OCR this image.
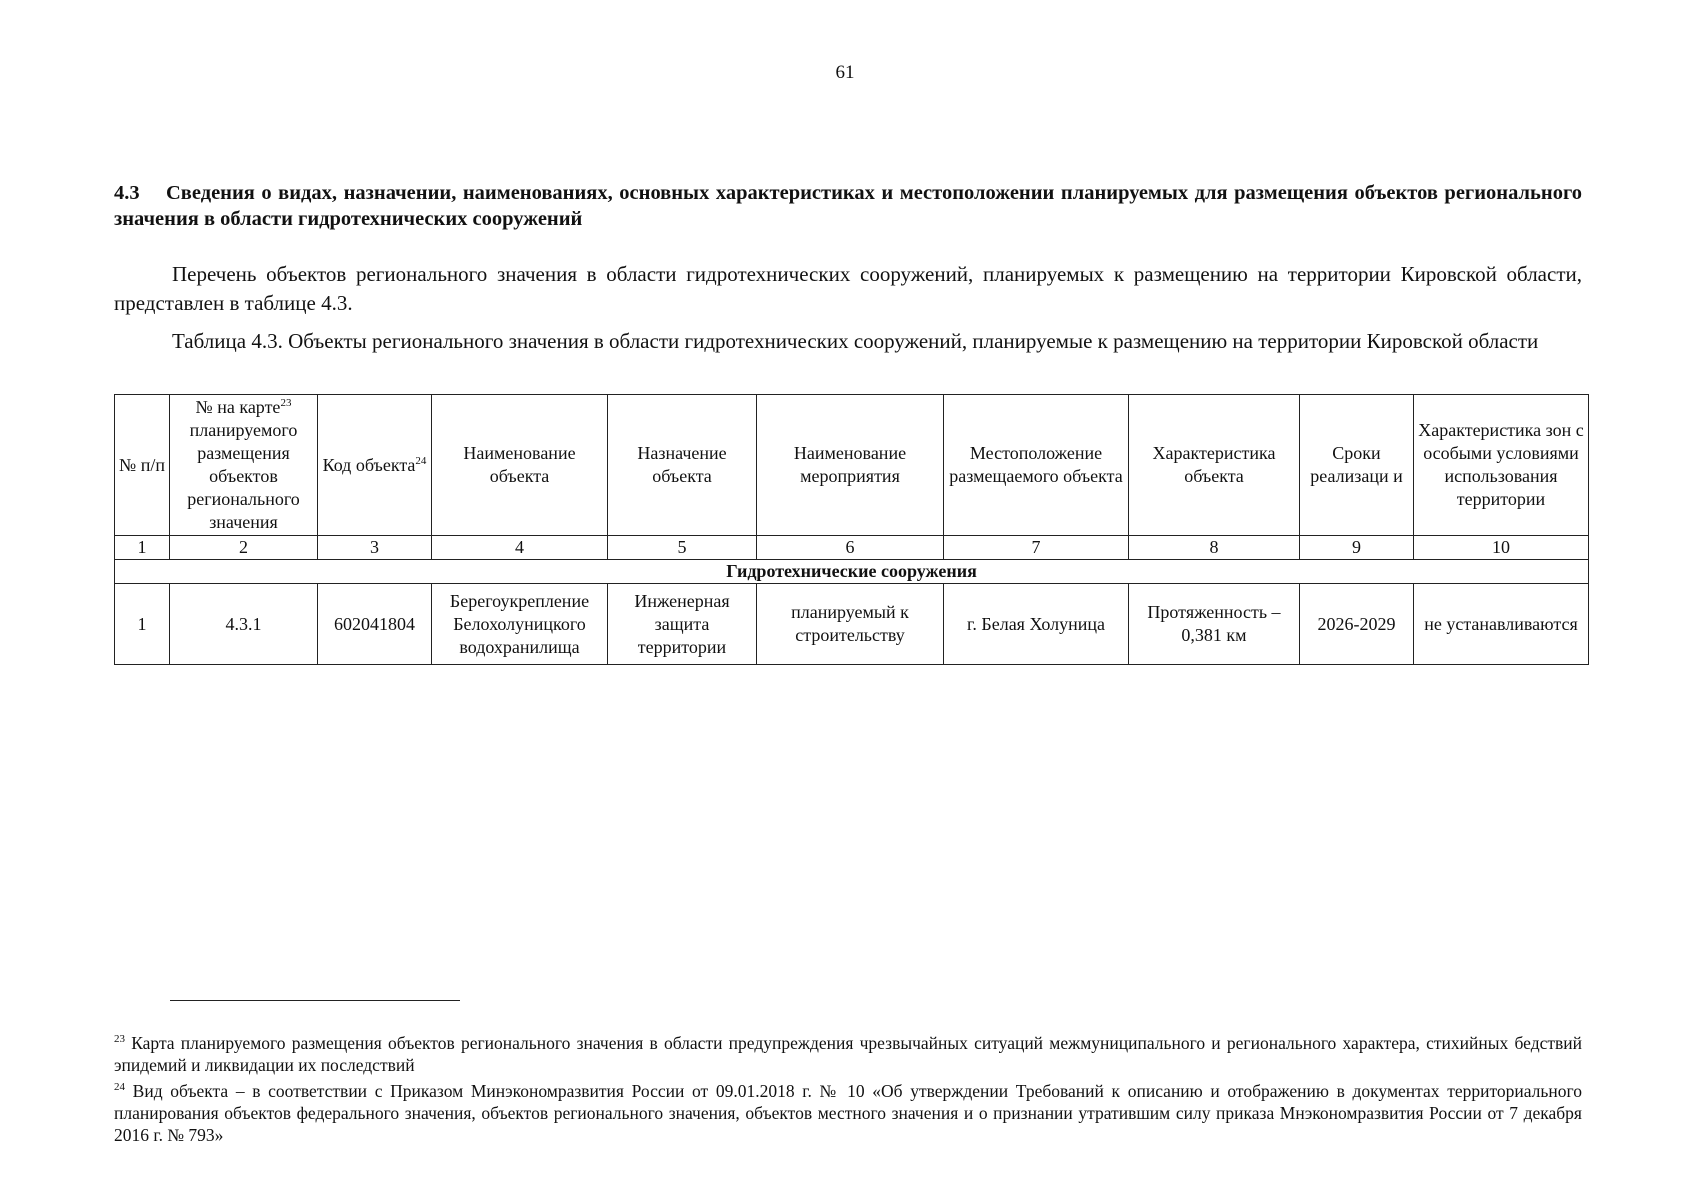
61
4.3 Сведения о видах, назначении, наименованиях, основных характеристиках и местоположении планируемых для размещения объектов регионального значения в области гидротехнических сооружений
Перечень объектов регионального значения в области гидротехнических сооружений, планируемых к размещению на территории Кировской области, представлен в таблице 4.3.
Таблица 4.3. Объекты регионального значения в области гидротехнических сооружений, планируемые к размещению на территории Кировской области
№ п/п	№ на карте$^{23}$ планируемого размещения объектов регионального значения	Код объекта$^{24}$	Наименование объекта	Назначение объекта	Наименование мероприятия	Местоположение размещаемого объекта	Характеристика объекта	Сроки реализаци и	Характеристика зон с особыми условиями использования территории
1	2	3	4	5	6	7	8	9	10
Гидротехнические сооружения									
1	4.3.1	602041804	Берегоукрепление Белохолуницкого водохранилища	Инженерная защита территории	планируемый к строительству	г. Белая Холуница	Протяженность – 0,381 км	2026-2029	не устанавливаются

$^{23}$ Карта планируемого размещения объектов регионального значения в области предупреждения чрезвычайных ситуаций межмуниципального и регионального характера, стихийных бедствий эпидемий и ликвидации их последствий

$^{24}$ Вид объекта – в соответствии с Приказом Минэкономразвития России от 09.01.2018 г. № 10 «Об утверждении Требований к описанию и отображению в документах территориального планирования объектов федерального значения, объектов регионального значения, объектов местного значения и о признании утратившим силу приказа Мнэкономразвития России от 7 декабря 2016 г. № 793»
